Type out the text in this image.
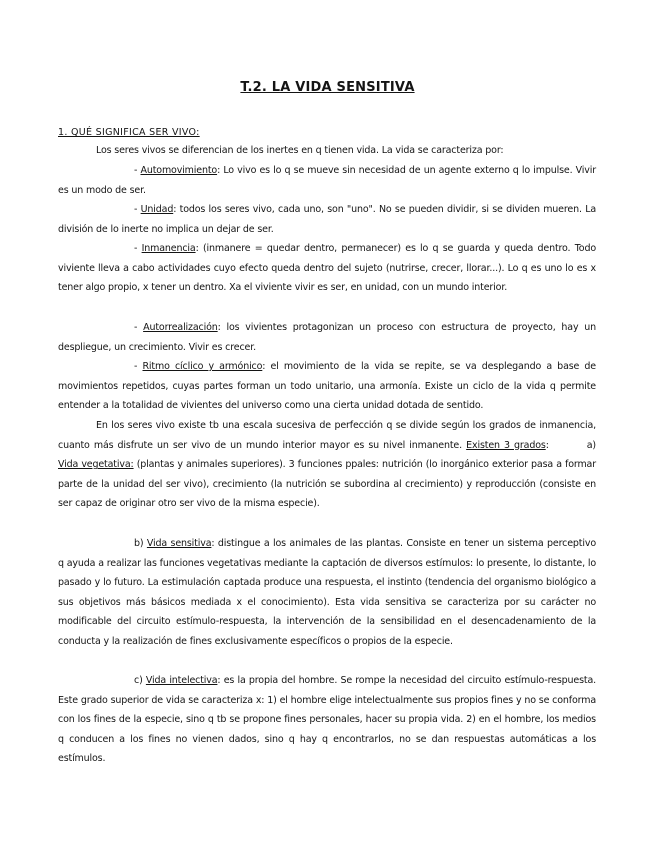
T.2. LA VIDA SENSITIVA
1. QUÉ SIGNIFICA SER VIVO:
Los seres vivos se diferencian de los inertes en q tienen vida. La vida se caracteriza por:
- Automovimiento: Lo vivo es lo q se mueve sin necesidad de un agente externo q lo impulse. Vivir es un modo de ser.
- Unidad: todos los seres vivo, cada uno, son "uno". No se pueden dividir, si se dividen mueren. La división de lo inerte no implica un dejar de ser.
- Inmanencia: (inmanere = quedar dentro, permanecer) es lo q se guarda y queda dentro. Todo viviente lleva a cabo actividades cuyo efecto queda dentro del sujeto (nutrirse, crecer, llorar...). Lo q es uno lo es x tener algo propio, x tener un dentro. Xa el viviente vivir es ser, en unidad, con un mundo interior.
- Autorrealización: los vivientes protagonizan un proceso con estructura de proyecto, hay un despliegue, un crecimiento. Vivir es crecer.
- Ritmo cíclico y armónico: el movimiento de la vida se repite, se va desplegando a base de movimientos repetidos, cuyas partes forman un todo unitario, una armonía. Existe un ciclo de la vida q permite entender a la totalidad de vivientes del universo como una cierta unidad dotada de sentido.
En los seres vivo existe tb una escala sucesiva de perfección q se divide según los grados de inmanencia, cuanto más disfrute un ser vivo de un mundo interior mayor es su nivel inmanente. Existen 3 grados:	a) Vida vegetativa: (plantas y animales superiores). 3 funciones ppales: nutrición (lo inorgánico exterior pasa a formar parte de la unidad del ser vivo), crecimiento (la nutrición se subordina al crecimiento) y reproducción (consiste en ser capaz de originar otro ser vivo de la misma especie).
b) Vida sensitiva: distingue a los animales de las plantas. Consiste en tener un sistema perceptivo q ayuda a realizar las funciones vegetativas mediante la captación de diversos estímulos: lo presente, lo distante, lo pasado y lo futuro. La estimulación captada produce una respuesta, el instinto (tendencia del organismo biológico a sus objetivos más básicos mediada x el conocimiento). Esta vida sensitiva se caracteriza por su carácter no modificable del circuito estímulo-respuesta, la intervención de la sensibilidad en el desencadenamiento de la conducta y la realización de fines exclusivamente específicos o propios de la especie.
c) Vida intelectiva: es la propia del hombre. Se rompe la necesidad del circuito estímulo-respuesta. Este grado superior de vida se caracteriza x: 1) el hombre elige intelectualmente sus propios fines y no se conforma con los fines de la especie, sino q tb se propone fines personales, hacer su propia vida. 2) en el hombre, los medios q conducen a los fines no vienen dados, sino q hay q encontrarlos, no se dan respuestas automáticas a los estímulos.
